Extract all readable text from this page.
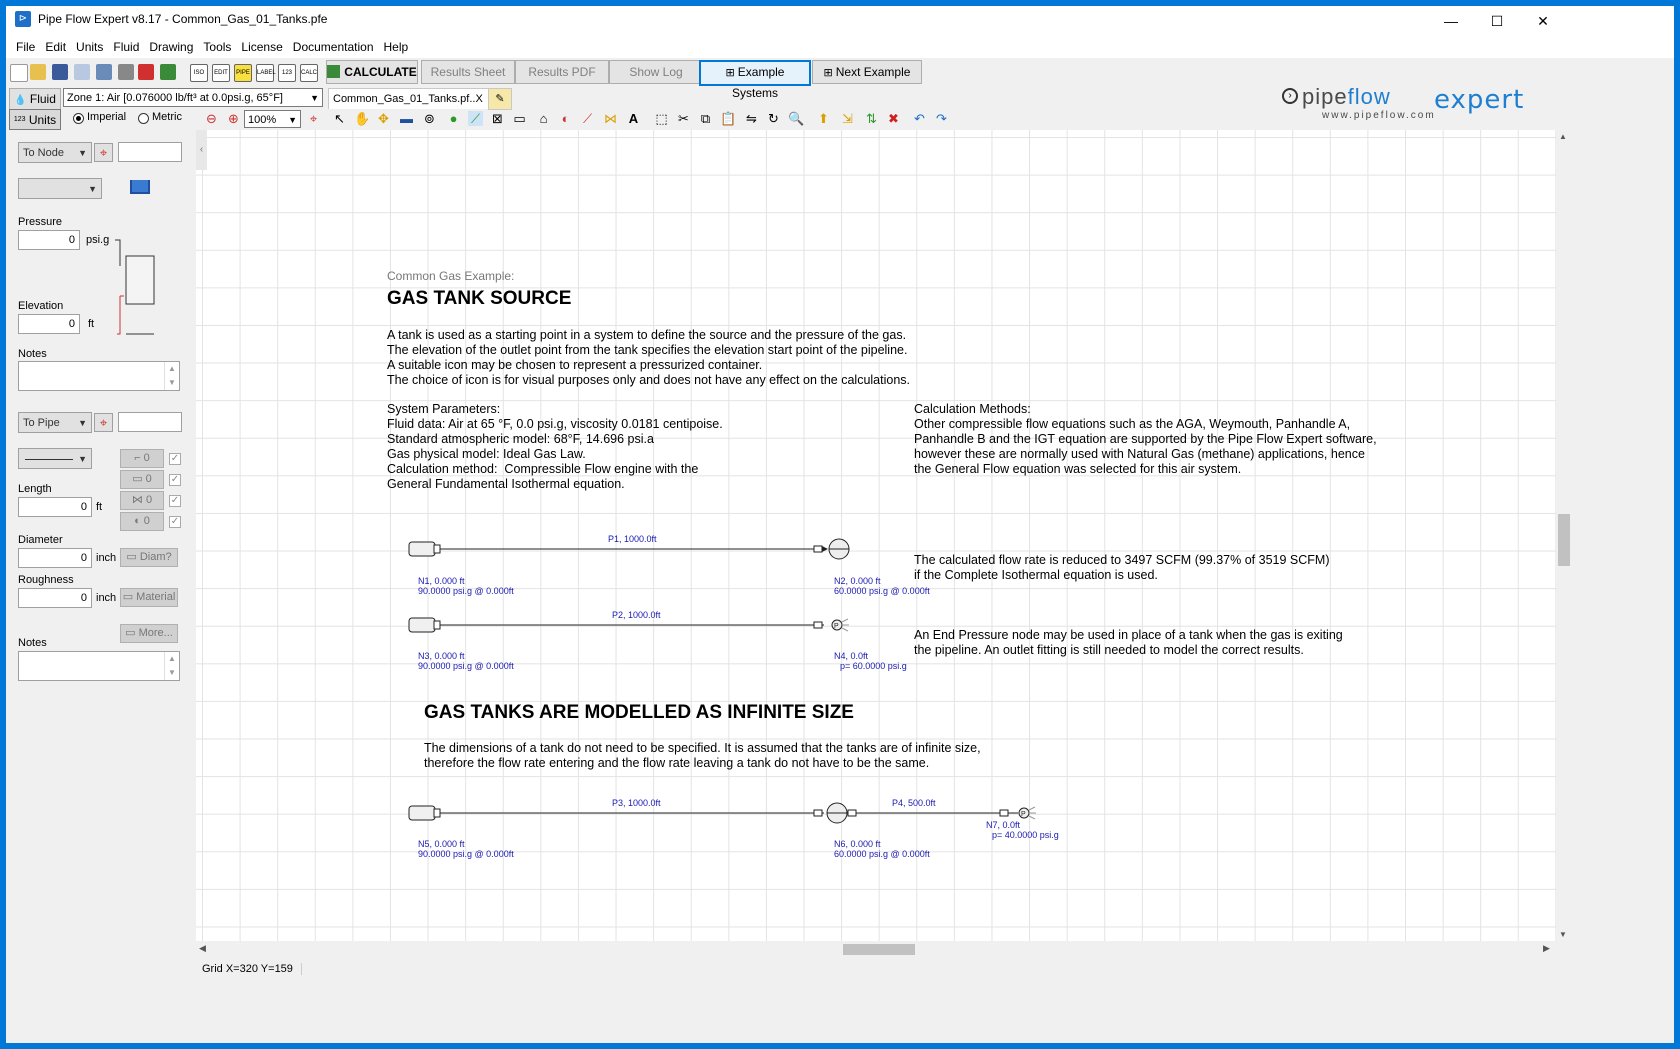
⊳ Pipe Flow Expert v8.17 - Common_Gas_01_Tanks.pfe	—	☐	✕
File Edit Units Fluid Drawing Tools License Documentation Help
ISO	EDIT	PIPE	LABEL	123	CALC	CALCULATE	Results Sheet	Results PDF	Show Log	⊞ Example Systems
⊞ Next Example
💧 Fluid	Zone 1: Air [0.076000 lb/ft³ at 0.0psi.g, 65°F]	▼	Common_Gas_01_Tanks.pf..X	✎
$^{123}$ Units	Imperial Metric ⊖ ⊕ 100% ▼ ⌖ ↖ ✋ ✥ ▬ ⊚ ● ⟋ ⊠ ▭ ⌂ ◐ ⟋ ⋈ A ⬚ ✂ ⧉ 📋 ⇋ ↻ 🔍 ⬆ ⇲ ⇅ ✖ ↶ ↷
› pipeflow expert
www.pipeflow.com
To Node ▼ ⌖
▼
Pressure
0	psi.g
Elevation
0	ft
Notes
▲
▼
To Pipe ▼ ⌖
▼	⌐ 0	✓
▭ 0	✓
⋈ 0	✓
◐ 0	✓
Length
0 ft
Diameter
0 inch ▭ Diam?
Roughness
0 inch ▭ Material
▭ More...
Notes
▲
▼
‹
Common Gas Example:
GAS TANK SOURCE
A tank is used as a starting point in a system to define the source and the pressure of the gas.
The elevation of the outlet point from the tank specifies the elevation start point of the pipeline.
A suitable icon may be chosen to represent a pressurized container.
The choice of icon is for visual purposes only and does not have any effect on the calculations.
System Parameters:
Fluid data: Air at 65 °F, 0.0 psi.g, viscosity 0.0181 centipoise.
Standard atmospheric model: 68°F, 14.696 psi.a
Gas physical model: Ideal Gas Law.
Calculation method:  Compressible Flow engine with the
General Fundamental Isothermal equation.
Calculation Methods:
Other compressible flow equations such as the AGA, Weymouth, Panhandle A,
Panhandle B and the IGT equation are supported by the Pipe Flow Expert software,
however these are normally used with Natural Gas (methane) applications, hence
the General Flow equation was selected for this air system.
P
P
P1, 1000.0ft
N1, 0.000 ft
90.0000 psi.g @ 0.000ft
N2, 0.000 ft
60.0000 psi.g @ 0.000ft
The calculated flow rate is reduced to 3497 SCFM (99.37% of 3519 SCFM)
if the Complete Isothermal equation is used.
P2, 1000.0ft
N3, 0.000 ft
90.0000 psi.g @ 0.000ft
N4, 0.0ft
p= 60.0000 psi.g
An End Pressure node may be used in place of a tank when the gas is exiting
the pipeline. An outlet fitting is still needed to model the correct results.
GAS TANKS ARE MODELLED AS INFINITE SIZE
The dimensions of a tank do not need to be specified. It is assumed that the tanks are of infinite size,
therefore the flow rate entering and the flow rate leaving a tank do not have to be the same.
P3, 1000.0ft	P4, 500.0ft
N5, 0.000 ft
90.0000 psi.g @ 0.000ft
N6, 0.000 ft
60.0000 psi.g @ 0.000ft
N7, 0.0ft
p= 40.0000 psi.g
▲
▼
◀	▶
Grid X=320 Y=159
